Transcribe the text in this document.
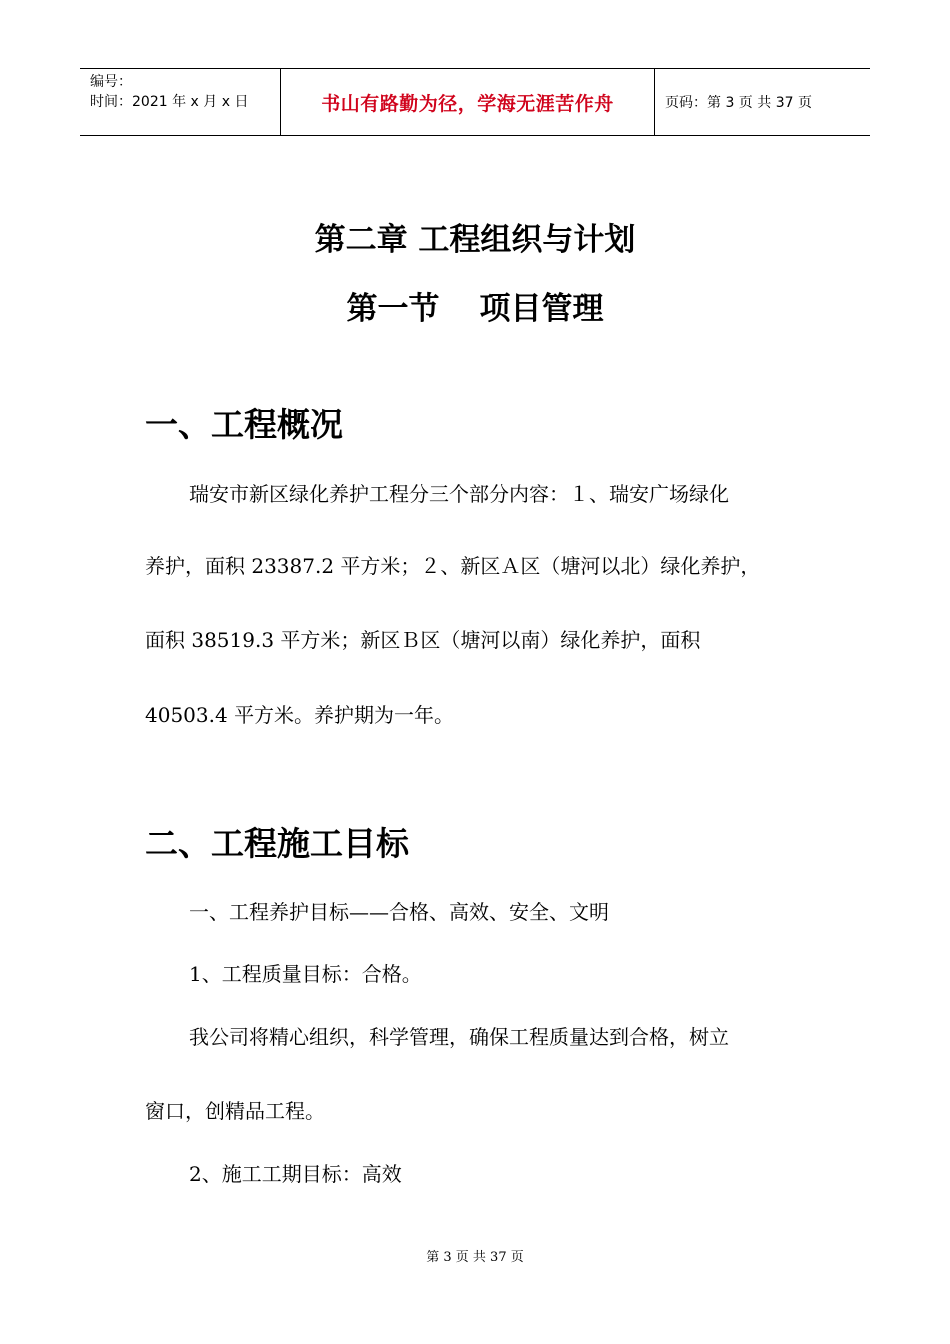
编号：
时间：2021 年 x 月 x 日	书山有路勤为径，学海无涯苦作舟	页码：第 3 页 共 37 页
第二章 工程组织与计划
第一节 项目管理
一、工程概况
瑞安市新区绿化养护工程分三个部分内容：１、瑞安广场绿化
养护，面积 23387.2 平方米；２、新区Ａ区（塘河以北）绿化养护，
面积 38519.3 平方米；新区Ｂ区（塘河以南）绿化养护，面积
40503.4 平方米。养护期为一年。
二、工程施工目标
一、工程养护目标——合格、高效、安全、文明
1、工程质量目标：合格。
我公司将精心组织，科学管理，确保工程质量达到合格，树立
窗口，创精品工程。
2、施工工期目标：高效
第 3 页 共 37 页
